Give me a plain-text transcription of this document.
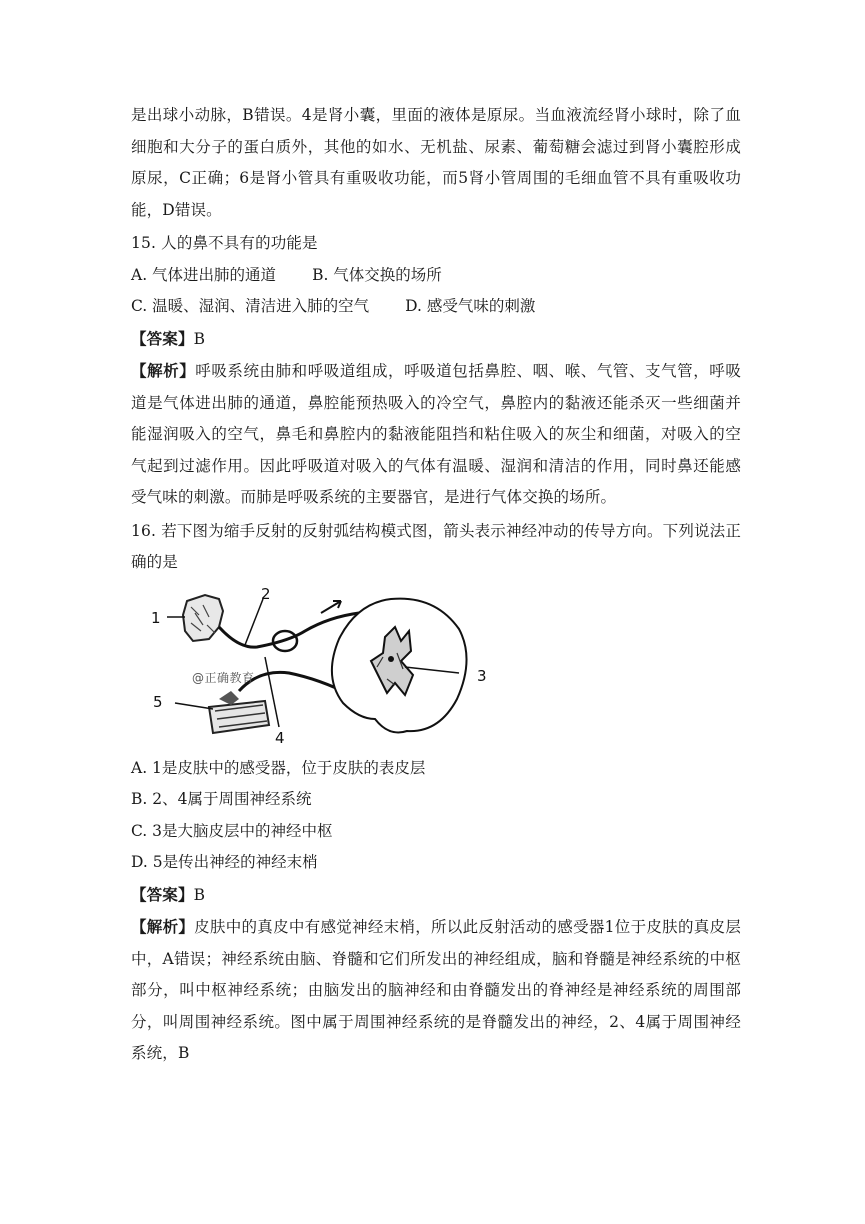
是出球小动脉，B错误。4是肾小囊，里面的液体是原尿。当血液流经肾小球时，除了血细胞和大分子的蛋白质外，其他的如水、无机盐、尿素、葡萄糖会滤过到肾小囊腔形成原尿，C正确；6是肾小管具有重吸收功能，而5肾小管周围的毛细血管不具有重吸收功能，D错误。

15. 人的鼻不具有的功能是

A. 气体进出肺的通道 B. 气体交换的场所
C. 温暖、湿润、清洁进入肺的空气 D. 感受气味的刺激

【答案】B

【解析】呼吸系统由肺和呼吸道组成，呼吸道包括鼻腔、咽、喉、气管、支气管，呼吸道是气体进出肺的通道，鼻腔能预热吸入的冷空气，鼻腔内的黏液还能杀灭一些细菌并能湿润吸入的空气，鼻毛和鼻腔内的黏液能阻挡和粘住吸入的灰尘和细菌，对吸入的空气起到过滤作用。因此呼吸道对吸入的气体有温暖、湿润和清洁的作用，同时鼻还能感受气味的刺激。而肺是呼吸系统的主要器官，是进行气体交换的场所。

16. 若下图为缩手反射的反射弧结构模式图，箭头表示神经冲动的传导方向。下列说法正确的是

1
2
3
4
5
@正确教育

A. 1是皮肤中的感受器，位于皮肤的表皮层

B. 2、4属于周围神经系统

C. 3是大脑皮层中的神经中枢

D. 5是传出神经的神经末梢

【答案】B

【解析】皮肤中的真皮中有感觉神经末梢，所以此反射活动的感受器1位于皮肤的真皮层中，A错误；神经系统由脑、脊髓和它们所发出的神经组成，脑和脊髓是神经系统的中枢部分，叫中枢神经系统；由脑发出的脑神经和由脊髓发出的脊神经是神经系统的周围部分，叫周围神经系统。图中属于周围神经系统的是脊髓发出的神经，2、4属于周围神经系统，B
